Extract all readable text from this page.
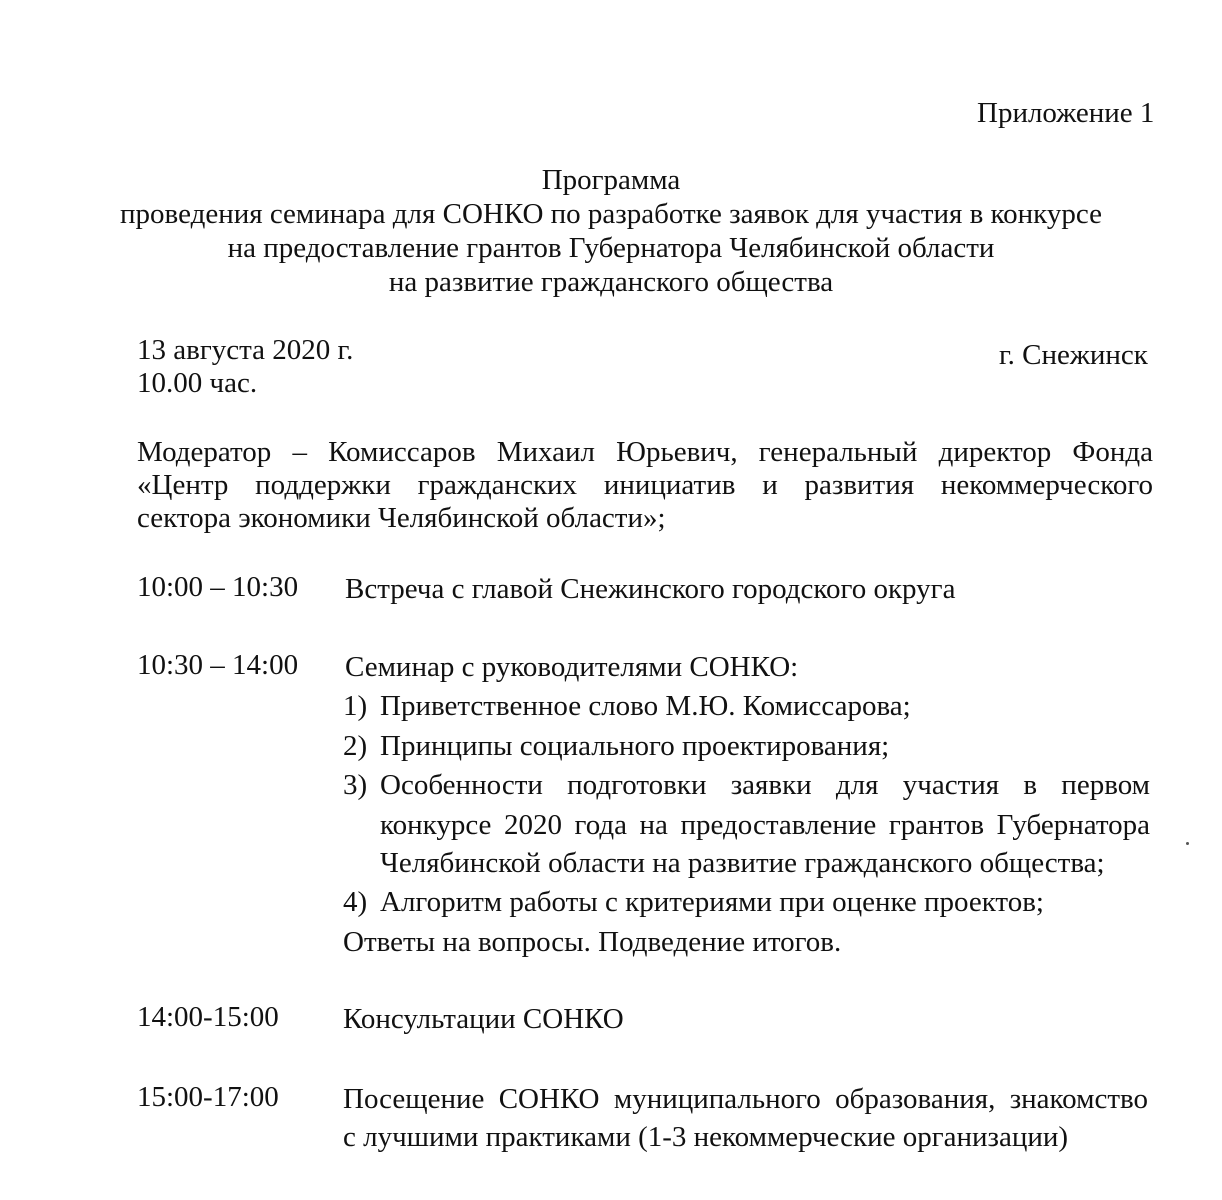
Приложение 1
Программа
проведения семинара для СОНКО по разработке заявок для участия в конкурсе
на предоставление грантов Губернатора Челябинской области
на развитие гражданского общества
13 августа 2020 г.
10.00 час.
г. Снежинск
Модератор – Комиссаров Михаил Юрьевич, генеральный директор Фонда
«Центр поддержки гражданских инициатив и развития некоммерческого
сектора экономики Челябинской области»;
10:00 – 10:30 Встреча с главой Снежинского городского округа
10:30 – 14:00 Семинар с руководителями СОНКО:
1) Приветственное слово М.Ю. Комиссарова;
2) Принципы социального проектирования;
3) Особенности подготовки заявки для участия в первом
конкурсе 2020 года на предоставление грантов Губернатора
Челябинской области на развитие гражданского общества;
4) Алгоритм работы с критериями при оценке проектов;
Ответы на вопросы. Подведение итогов.
14:00-15:00 Консультации СОНКО
15:00-17:00 Посещение СОНКО муниципального образования, знакомство
с лучшими практиками (1-3 некоммерческие организации)
